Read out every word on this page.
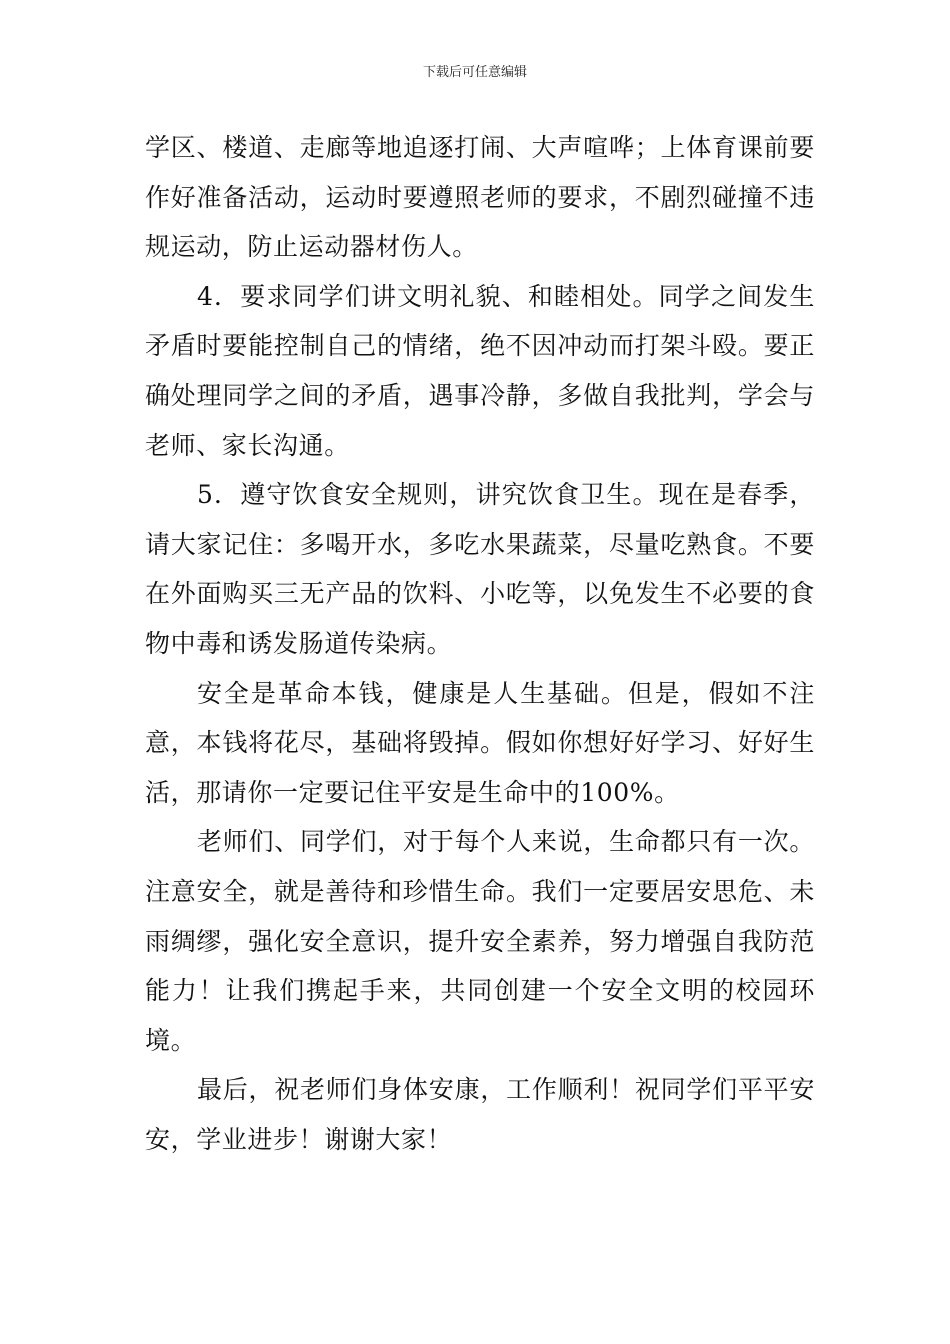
下载后可任意编辑

学区、楼道、走廊等地追逐打闹、大声喧哗；上体育课前要作好准备活动，运动时要遵照老师的要求，不剧烈碰撞不违规运动，防止运动器材伤人。

4．要求同学们讲文明礼貌、和睦相处。同学之间发生矛盾时要能控制自己的情绪，绝不因冲动而打架斗殴。要正确处理同学之间的矛盾，遇事冷静，多做自我批判，学会与老师、家长沟通。

5．遵守饮食安全规则，讲究饮食卫生。现在是春季，请大家记住：多喝开水，多吃水果蔬菜，尽量吃熟食。不要在外面购买三无产品的饮料、小吃等，以免发生不必要的食物中毒和诱发肠道传染病。

安全是革命本钱，健康是人生基础。但是，假如不注意，本钱将花尽，基础将毁掉。假如你想好好学习、好好生活，那请你一定要记住平安是生命中的100%。

老师们、同学们，对于每个人来说，生命都只有一次。注意安全，就是善待和珍惜生命。我们一定要居安思危、未雨绸缪，强化安全意识，提升安全素养，努力增强自我防范能力！让我们携起手来，共同创建一个安全文明的校园环境。

最后，祝老师们身体安康，工作顺利！祝同学们平平安安，学业进步！谢谢大家！
